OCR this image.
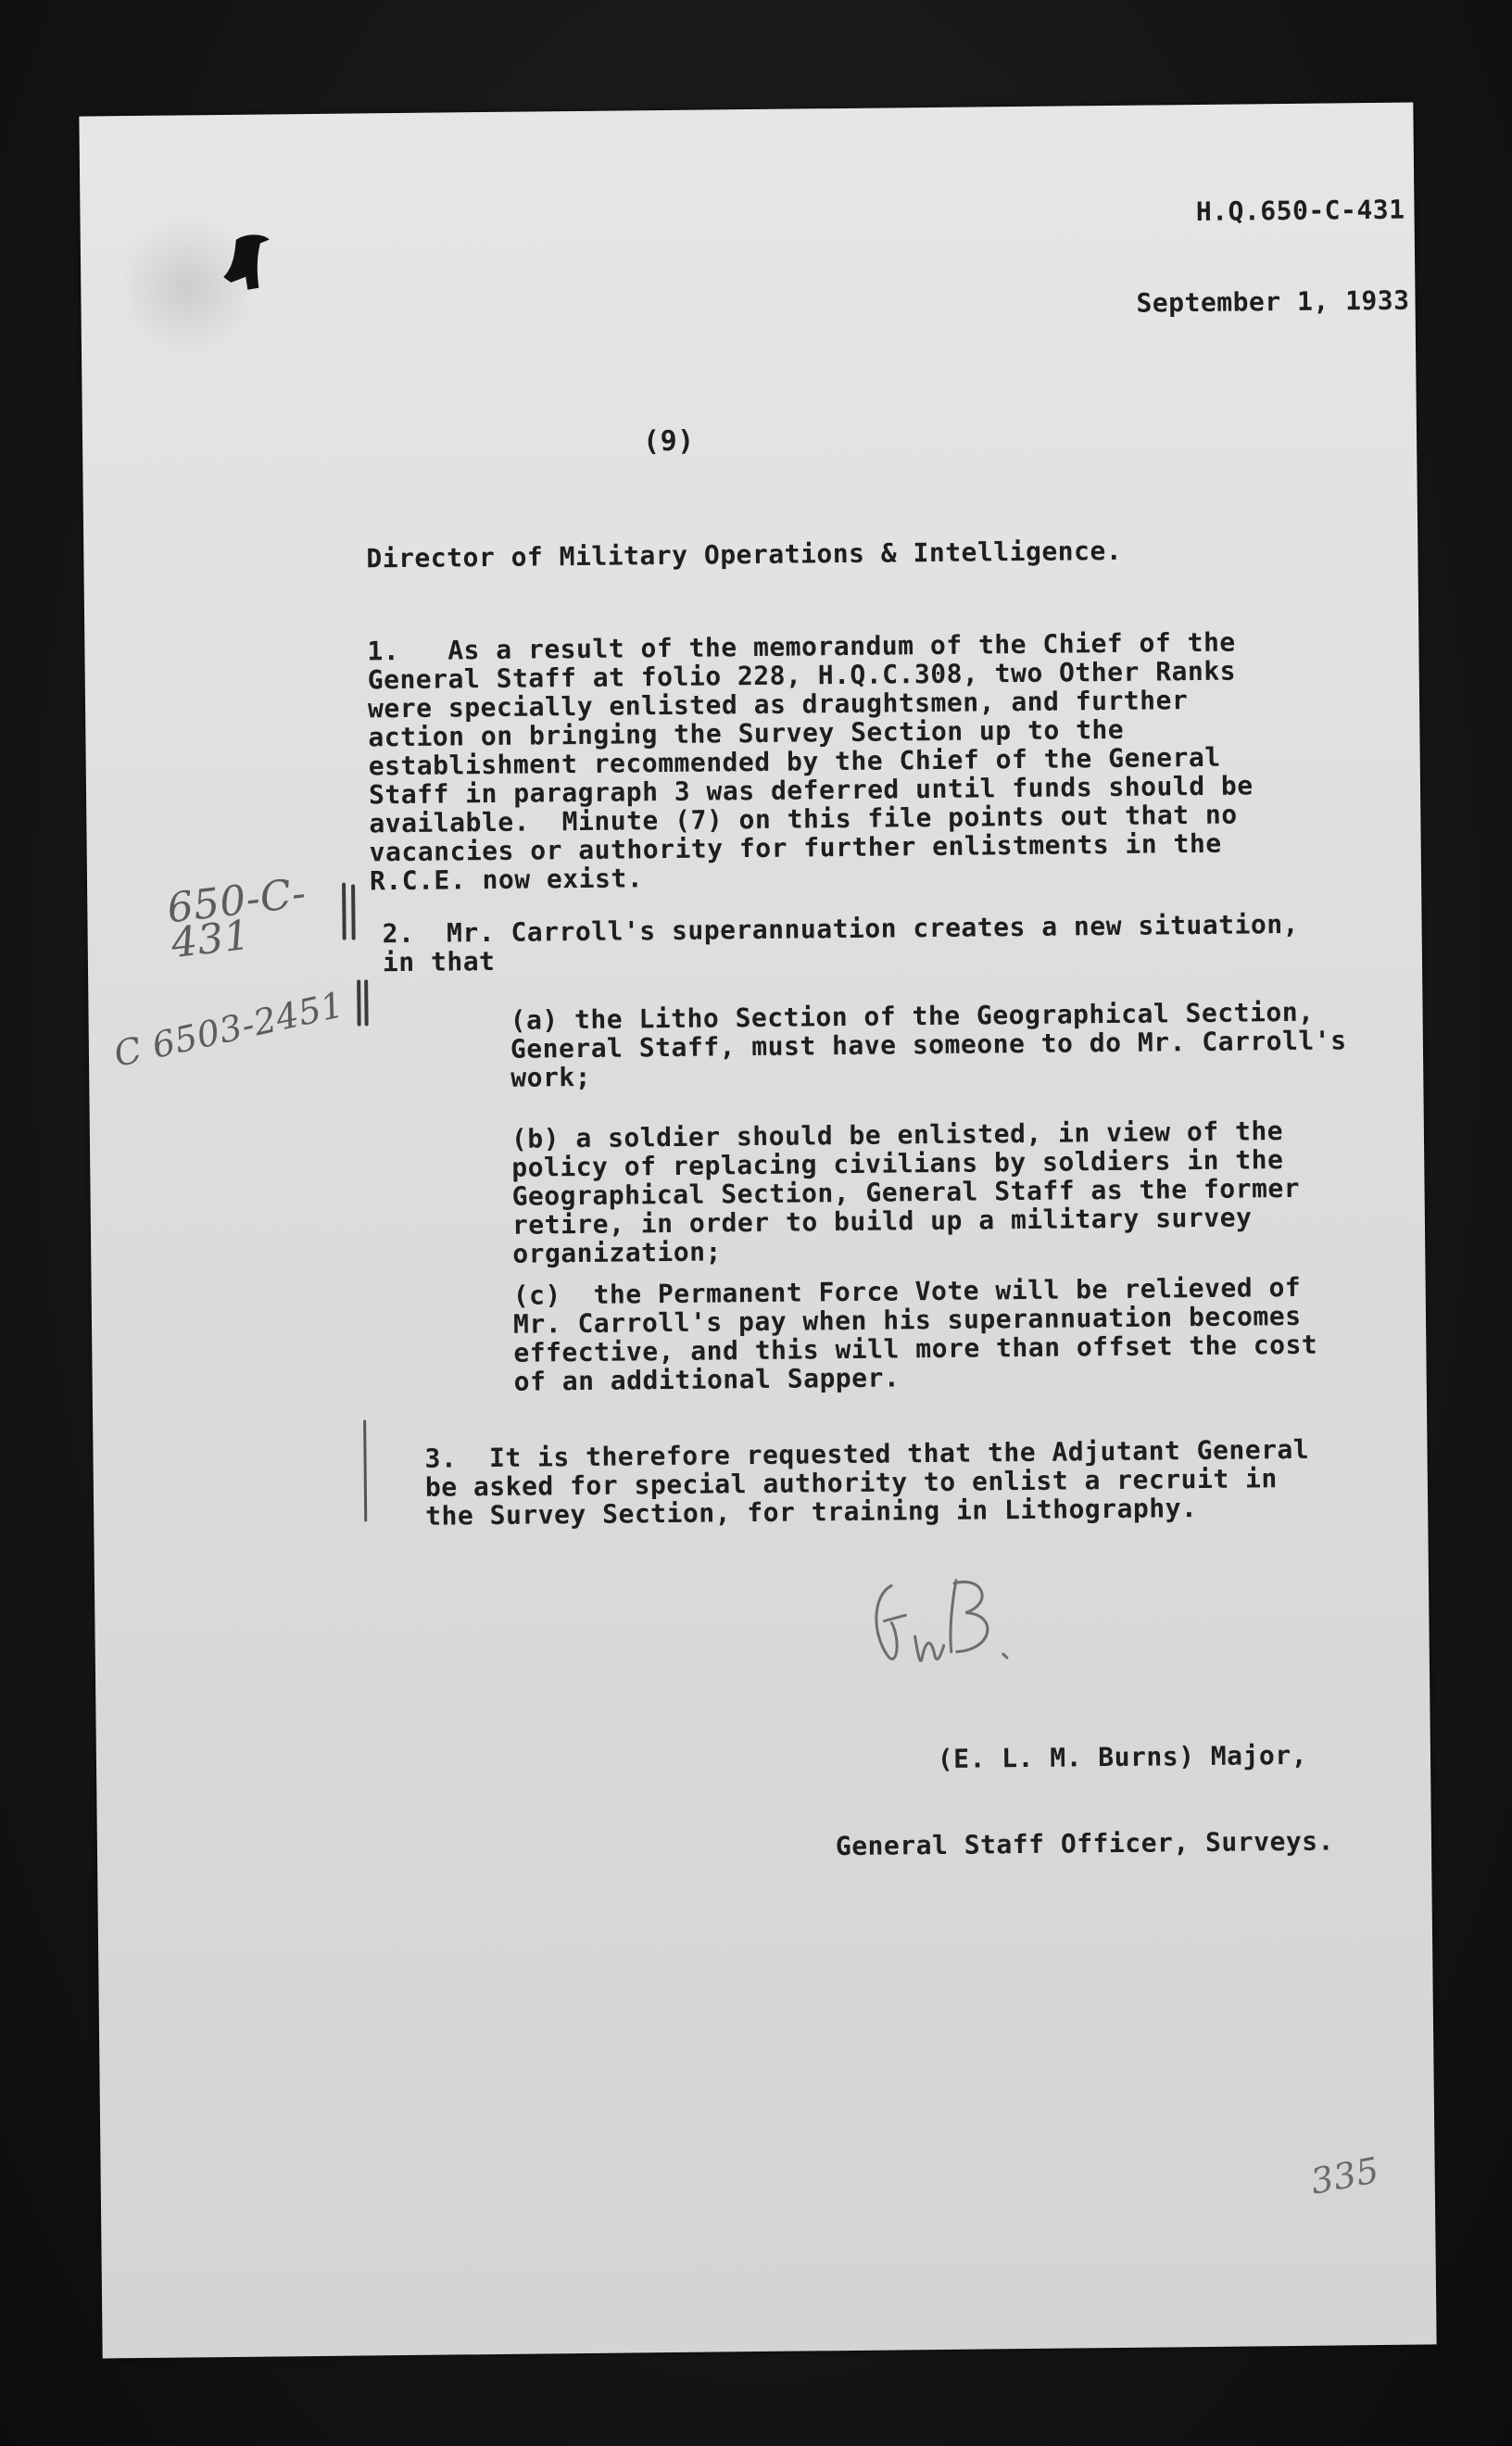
H.Q.650-C-431
September 1, 1933
(9)
Director of Military Operations & Intelligence.
1.   As a result of the memorandum of the Chief of the
General Staff at folio 228, H.Q.C.308, two Other Ranks
were specially enlisted as draughtsmen, and further
action on bringing the Survey Section up to the
establishment recommended by the Chief of the General
Staff in paragraph 3 was deferred until funds should be
available.  Minute (7) on this file points out that no
vacancies or authority for further enlistments in the
R.C.E. now exist.
650-C-
431	2.  Mr. Carroll's superannuation creates a new situation,
in that
C 6503-2451	(a) the Litho Section of the Geographical Section,
General Staff, must have someone to do Mr. Carroll's
work;
(b) a soldier should be enlisted, in view of the
policy of replacing civilians by soldiers in the
Geographical Section, General Staff as the former
retire, in order to build up a military survey
organization;
(c)  the Permanent Force Vote will be relieved of
Mr. Carroll's pay when his superannuation becomes
effective, and this will more than offset the cost
of an additional Sapper.
3.  It is therefore requested that the Adjutant General
be asked for special authority to enlist a recruit in
the Survey Section, for training in Lithography.

(E. L. M. Burns) Major,

General Staff Officer, Surveys.

335
